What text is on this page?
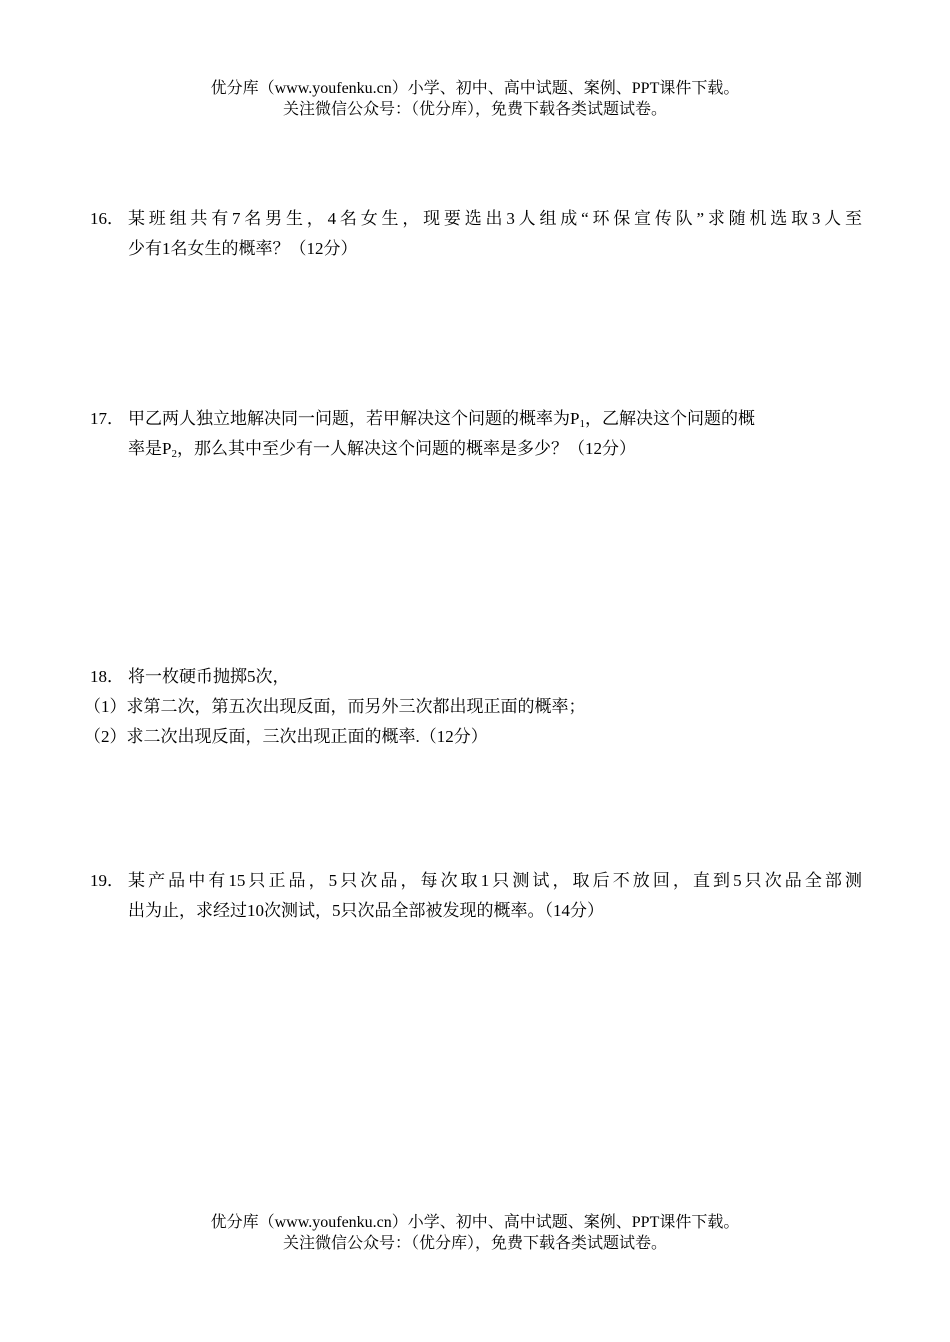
优分库（www.youfenku.cn）小学、初中、高中试题、案例、PPT课件下载。
关注微信公众号：（优分库），免费下载各类试题试卷。
16． 某班组共有7名男生，4名女生，现要选出3人组成“环保宣传队”求随机选取3人至
少有1名女生的概率？（12分）
17． 甲乙两人独立地解决同一问题，若甲解决这个问题的概率为$P_1$，乙解决这个问题的概
率是$P_2$，那么其中至少有一人解决这个问题的概率是多少？（12分）
18． 将一枚硬币抛掷5次，
（1）求第二次，第五次出现反面，而另外三次都出现正面的概率；
（2）求二次出现反面，三次出现正面的概率.（12分）
19． 某产品中有15只正品，5只次品，每次取1只测试，取后不放回，直到5只次品全部测
出为止，求经过10次测试，5只次品全部被发现的概率。（14分）
优分库（www.youfenku.cn）小学、初中、高中试题、案例、PPT课件下载。
关注微信公众号：（优分库），免费下载各类试题试卷。
